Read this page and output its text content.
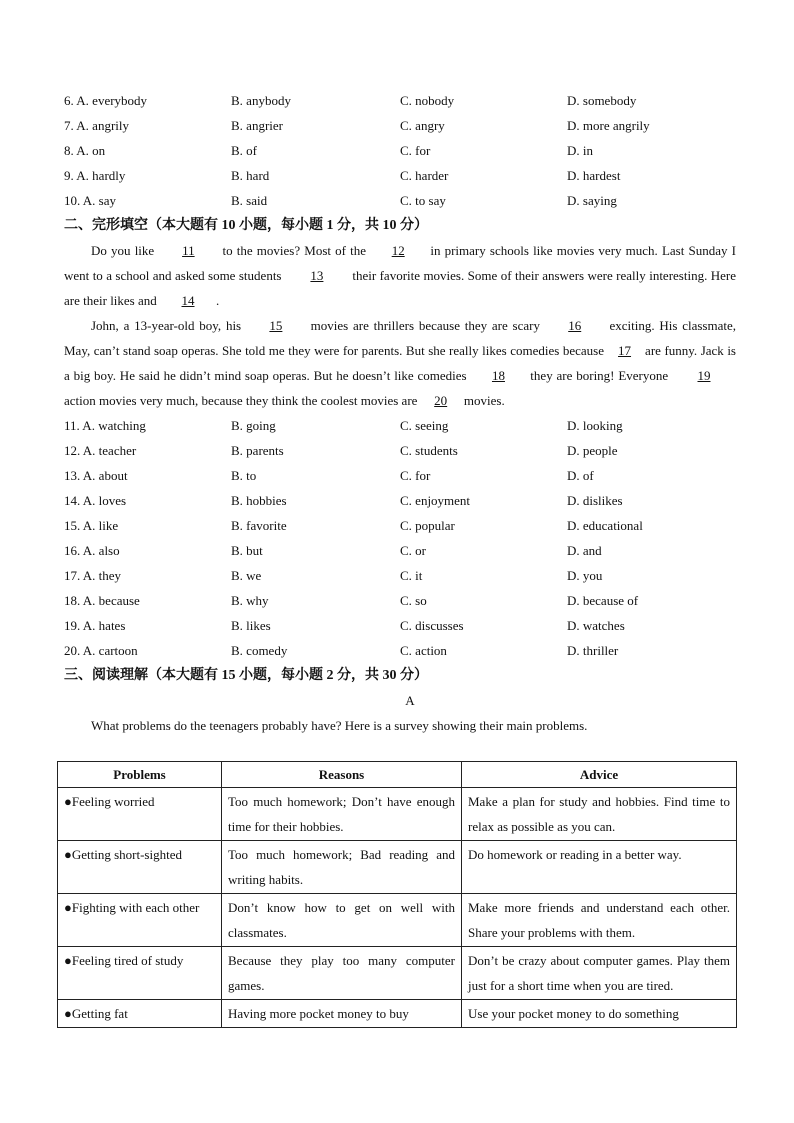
6. A. everybody	B. anybody	C. nobody	D. somebody
7. A. angrily	B. angrier	C. angry	D. more angrily
8. A. on	B. of	C. for	D. in
9. A. hardly	B. hard	C. harder	D. hardest
10. A. say	B. said	C. to say	D. saying
二、完形填空（本大题有 10 小题，每小题 1 分，共 10 分）

Do you like 11 to the movies? Most of the 12 in primary schools like movies very much. Last Sunday I went to a school and asked some students 13 their favorite movies. Some of their answers were really interesting. Here are their likes and 14 .

John, a 13-year-old boy, his 15 movies are thrillers because they are scary 16 exciting. His classmate, May, can’t stand soap operas. She told me they were for parents. But she really likes comedies because 17 are funny. Jack is a big boy. He said he didn’t mind soap operas. But he doesn’t like comedies 18 they are boring! Everyone 19 action movies very much, because they think the coolest movies are 20 movies.

11. A. watching	B. going	C. seeing	D. looking
12. A. teacher	B. parents	C. students	D. people
13. A. about	B. to	C. for	D. of
14. A. loves	B. hobbies	C. enjoyment	D. dislikes
15. A. like	B. favorite	C. popular	D. educational
16. A. also	B. but	C. or	D. and
17. A. they	B. we	C. it	D. you
18. A. because	B. why	C. so	D. because of
19. A. hates	B. likes	C. discusses	D. watches
20. A. cartoon	B. comedy	C. action	D. thriller
三、阅读理解（本大题有 15 小题，每小题 2 分，共 30 分）
A
What problems do the teenagers probably have? Here is a survey showing their main problems.
Problems	Reasons	Advice
●Feeling worried	Too much homework; Don’t have enough time for their hobbies.	Make a plan for study and hobbies. Find time to relax as possible as you can.
●Getting short-sighted	Too much homework; Bad reading and writing habits.	Do homework or reading in a better way.
●Fighting with each other	Don’t know how to get on well with classmates.	Make more friends and understand each other. Share your problems with them.
●Feeling tired of study	Because they play too many computer games.	Don’t be crazy about computer games. Play them just for a short time when you are tired.
●Getting fat	Having more pocket money to buy	Use your pocket money to do something
